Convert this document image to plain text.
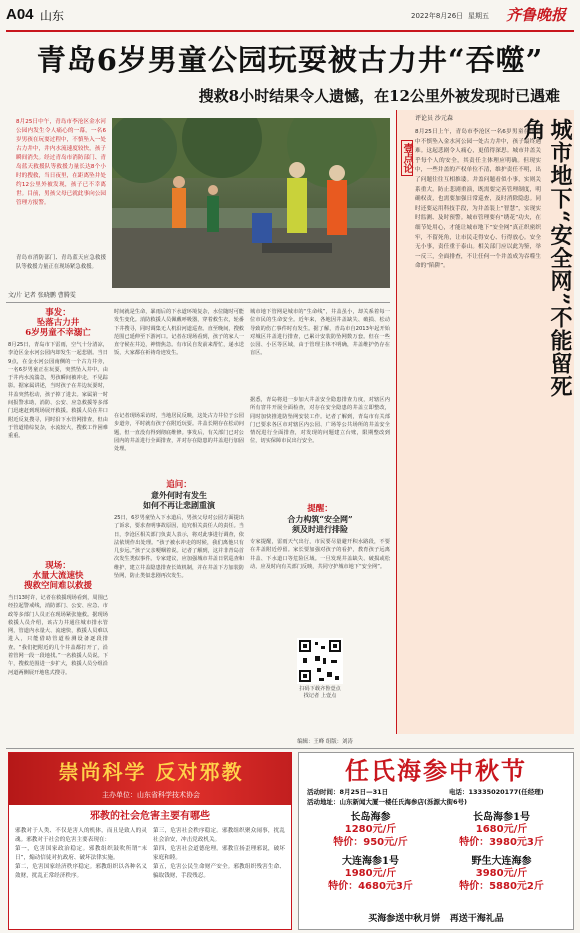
A04 山东	2022年8月26日 星期五 齐鲁晚报
青岛6岁男童公园玩耍被古力井“吞噬”
搜救8小时结果令人遗憾，在12公里外被发现时已遇难
8月25日中午，青岛市李沧区金水河公园内发生令人痛心的一幕，一名6岁男孩在玩耍过程中，不慎坠入一处古力井中，井内水流速度较快，孩子瞬间消失。经过青岛市消防部门、青岛蓝天救援队等救援力量长达8个小时的搜救，当日夜里，在距离坠井处约12公里外被发现，孩子已不幸离世。目前，男孩父母已就此事向公园管理方报警。
青岛市消防部门、青岛蓝天应急救援队等救援力量正在现场紧急救援。
文/片 记者 张晓鹏 曹腾雯
事发：
坠落古力井
6岁男童不幸溺亡
8月25日，青岛市下雷雨，空气十分清凉，李沧区金水河公园内却发生一起悲剧。当日9点，在金水河公园南侧的一个古力井旁，一名6岁男童正在玩耍，突然坠入井中。由于井内水流湍急，男孩瞬间被冲走，不见踪影。据家属讲述，当时孩子在井边玩耍时，井盖突然松动，孩子掉了进去。家属第一时间报警求助，消防、公安、应急救援等多部门迅速赶到现场展开救援。救援人员在井口附近反复搜寻，同时沿下水管网排查，但由于管道错综复杂，水流较大，搜救工作困难重重。
现场：
水量大流速快
搜救空间难以救援
当日13时许，记者在救援现场看到，周围已经拉起警戒线，消防部门、公安、应急、市政等多部门人员正在现场紧张施救。据现场救援人员介绍，该古力井通往城市排水管网，管道内水量大、流速快，救援人员难以进入，只能借助管道检测设备逐段排查。“我们把附近的几个井盖都打开了，沿着管网一段一段地找。”一名救援人员说。下午，搜救范围进一步扩大，救援人员分组沿河道两侧展开地毯式搜寻。
时间就是生命，暴雨后的下水道环境复杂，水位随时可能发生变化。消防救援人员佩戴呼吸器，穿着救生衣，轮番下井搜寻，同时调集无人机沿河道巡查。直至晚间，搜救范围已延伸至下游河口。记者在现场看到，孩子的家人一直守候在井边，神情焦急。有市民自发前来帮忙，递水送饭，大家都在祈祷奇迹发生。
在记者现场采访时，当地居民反映，这处古力井位于公园步道旁，平时就有孩子在附近玩耍。井盖长期存在松动问题，但一直没有得到彻底维修。事发后，有关部门已对公园内的井盖进行全面排查，并对存在隐患的井盖进行加固处理。
追问：
意外何时有发生
如何不再让悲剧重演
25日，6岁男童坠入下水道后，男孩父母对公园方面提出了诉求，要求查明事故原因，追究相关责任人的责任。当日，李沧区相关部门负责人表示，将对此事进行调查，依法依规作出处理。“孩子被水冲走的时候，我们离他只有几步远。”孩子父亲哽咽着说。记者了解到，这并非青岛首次发生类似事件。专家建议，应加强城市井盖日常巡查和维护，建立井盖隐患排查长效机制，并在井盖下方加装防坠网，防止类似悲剧再次发生。
城市地下管网是城市的“生命线”，井盖虽小，却关系着每一位市民的生命安全。近年来，各地因井盖缺失、破损、松动导致的伤亡事件时有发生。据了解，青岛市自2013年起开始对城区井盖进行排查，已累计安装防坠网数万套。但在一些公园、小区等区域，由于管理主体不明确，井盖维护仍存在盲区。
据悉，青岛将进一步加大井盖安全隐患排查力度，对辖区内所有窨井开展全面检查，对存在安全隐患的井盖立即整改，同时加快推进防坠网安装工作。记者了解到，青岛市有关部门已要求各区市对辖区内公园、广场等公共场所的井盖安全情况进行全面排查，对发现的问题建立台账，限期整改到位，切实保障市民出行安全。
提醒：
合力构筑“安全网”
须及时进行排险
专家提醒，雷雨天气出行，市民要尽量避开积水路段，不要在井盖附近停留。家长要加强对孩子的看护，教育孩子远离井盖、下水道口等危险区域。一旦发现井盖缺失、破损或松动，应及时向有关部门反映，共同守护城市地下“安全网”。
扫码下载齐鲁壹点
找记者 上壹点
壹点论
评论员 沙元森
8月25日上午，青岛市李沧区一名6岁男童在玩耍中不慎坠入金水河公园一处古力井中，孩子最终遇难。这起悲剧令人痛心，更值得深思。城市井盖关乎每个人的安全，其责任主体理应明确。但现实中，一些井盖的产权单位不清，维护责任不明，出了问题往往互相推诿。井盖问题看似小事，实则关系重大。防止悲剧重演，既需要完善管理制度，明确权责，也需要加强日常巡查，及时消除隐患。同时还要运用科技手段，为井盖装上“智慧”，实现实时监测、及时预警。城市管理要有“绣花”功夫，在细节处用心，才能让城市地下“安全网”真正织密织牢，不留死角，让市民走得安心、行得放心。安全无小事，责任重于泰山。相关部门应以此为鉴，举一反三，全面排查，不让任何一个井盖成为吞噬生命的“陷阱”。	城市地下“安全网”不能留死角
编辑：王峰 组版：刘涛
崇尚科学 反对邪教
主办单位：山东省科学技术协会
邪教的社会危害主要有哪些
邪教对于人类、不仅是害人的机体，而且是致人的灵魂。邪教对于社会的危害主要表现在：
第一，危害国家政治稳定。邪教组织鼓吹所谓“末日”，煽动信徒对抗政府、破坏法律实施。
第二，危害国家经济秩序稳定。邪教组织以各种名义敛财，扰乱正常经济秩序。
第三，危害社会秩序稳定。邪教组织聚众闹事，扰乱社会治安，冲击党政机关。
第四，危害社会道德伦理。邪教宣扬歪理邪说，破坏家庭和睦。
第五，危害公民生命财产安全。邪教组织残害生命、骗取钱财，手段残忍。
任氏海参中秋节
活动时间：8月25日—31日	电话：13335020177(任经理)
活动地址：山东新闻大厦一楼任氏海参店(泺源大街6号)
长岛海参
1280元/斤
特价：950元/斤
长岛海参1号
1680元/斤
特价：3980元3斤
大连海参1号
1980元/斤
特价：4680元3斤
野生大连海参
3980元/斤
特价：5880元2斤
买海参送中秋月饼   再送干海礼品
